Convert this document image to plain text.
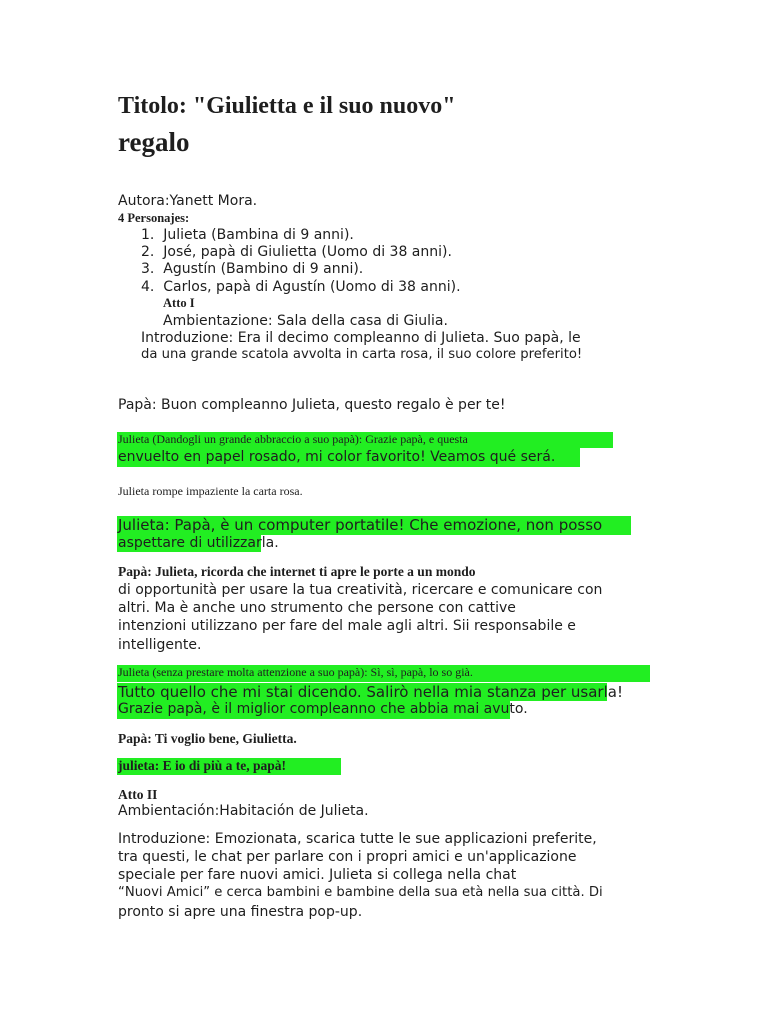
Titolo: "Giulietta e il suo nuovo"
regalo
Autora:Yanett Mora.
4 Personajes:
1. Julieta (Bambina di 9 anni).
2. José, papà di Giulietta (Uomo di 38 anni).
3. Agustín (Bambino di 9 anni).
4. Carlos, papà di Agustín (Uomo di 38 anni).
Atto I
Ambientazione: Sala della casa di Giulia.
Introduzione: Era il decimo compleanno di Julieta. Suo papà, le
da una grande scatola avvolta in carta rosa, il suo colore preferito!
Papà: Buon compleanno Julieta, questo regalo è per te!
Julieta (Dandogli un grande abbraccio a suo papà): Grazie papà, e questa
envuelto en papel rosado, mi color favorito! Veamos qué será.
Julieta rompe impaziente la carta rosa.
Julieta: Papà, è un computer portatile! Che emozione, non posso
aspettare di utilizzarla.
Papà: Julieta, ricorda che internet ti apre le porte a un mondo
di opportunità per usare la tua creatività, ricercare e comunicare con
altri. Ma è anche uno strumento che persone con cattive
intenzioni utilizzano per fare del male agli altri. Sii responsabile e
intelligente.
Julieta (senza prestare molta attenzione a suo papà): Sì, sì, papà, lo so già.
Tutto quello che mi stai dicendo. Salirò nella mia stanza per usarla!
Grazie papà, è il miglior compleanno che abbia mai avuto.
Papà: Ti voglio bene, Giulietta.
julieta: E io di più a te, papà!
Atto II
Ambientación:Habitación de Julieta.
Introduzione: Emozionata, scarica tutte le sue applicazioni preferite,
tra questi, le chat per parlare con i propri amici e un'applicazione
speciale per fare nuovi amici. Julieta si collega nella chat
“Nuovi Amici” e cerca bambini e bambine della sua età nella sua città. Di
pronto si apre una finestra pop-up.
